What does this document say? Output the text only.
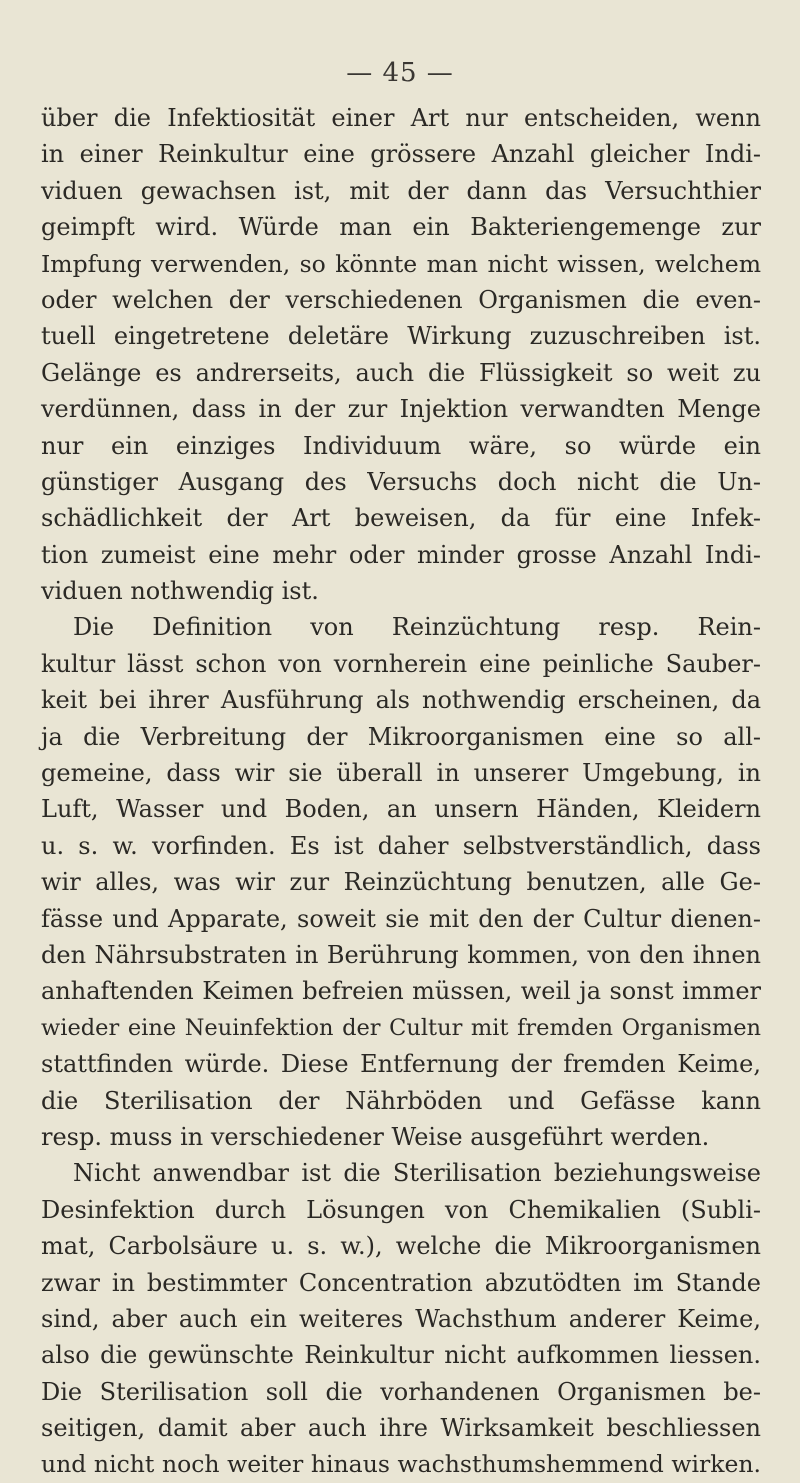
— 45 —
über die Infektiosität einer Art nur entscheiden, wenn
in einer Reinkultur eine grössere Anzahl gleicher Indi-
viduen gewachsen ist, mit der dann das Versuchthier
geimpft wird. Würde man ein Bakteriengemenge zur
Impfung verwenden, so könnte man nicht wissen, welchem
oder welchen der verschiedenen Organismen die even-
tuell eingetretene deletäre Wirkung zuzuschreiben ist.
Gelänge es andrerseits, auch die Flüssigkeit so weit zu
verdünnen, dass in der zur Injektion verwandten Menge
nur ein einziges Individuum wäre, so würde ein
günstiger Ausgang des Versuchs doch nicht die Un-
schädlichkeit der Art beweisen, da für eine Infek-
tion zumeist eine mehr oder minder grosse Anzahl Indi-
viduen nothwendig ist.
Die Definition von Reinzüchtung resp. Rein-
kultur lässt schon von vornherein eine peinliche Sauber-
keit bei ihrer Ausführung als nothwendig erscheinen, da
ja die Verbreitung der Mikroorganismen eine so all-
gemeine, dass wir sie überall in unserer Umgebung, in
Luft, Wasser und Boden, an unsern Händen, Kleidern
u. s. w. vorfinden. Es ist daher selbstverständlich, dass
wir alles, was wir zur Reinzüchtung benutzen, alle Ge-
fässe und Apparate, soweit sie mit den der Cultur dienen-
den Nährsubstraten in Berührung kommen, von den ihnen
anhaftenden Keimen befreien müssen, weil ja sonst immer
wieder eine Neuinfektion der Cultur mit fremden Organismen
stattfinden würde. Diese Entfernung der fremden Keime,
die Sterilisation der Nährböden und Gefässe kann
resp. muss in verschiedener Weise ausgeführt werden.
Nicht anwendbar ist die Sterilisation beziehungsweise
Desinfektion durch Lösungen von Chemikalien (Subli-
mat, Carbolsäure u. s. w.), welche die Mikroorganismen
zwar in bestimmter Concentration abzutödten im Stande
sind, aber auch ein weiteres Wachsthum anderer Keime,
also die gewünschte Reinkultur nicht aufkommen liessen.
Die Sterilisation soll die vorhandenen Organismen be-
seitigen, damit aber auch ihre Wirksamkeit beschliessen
und nicht noch weiter hinaus wachsthumshemmend wirken.
